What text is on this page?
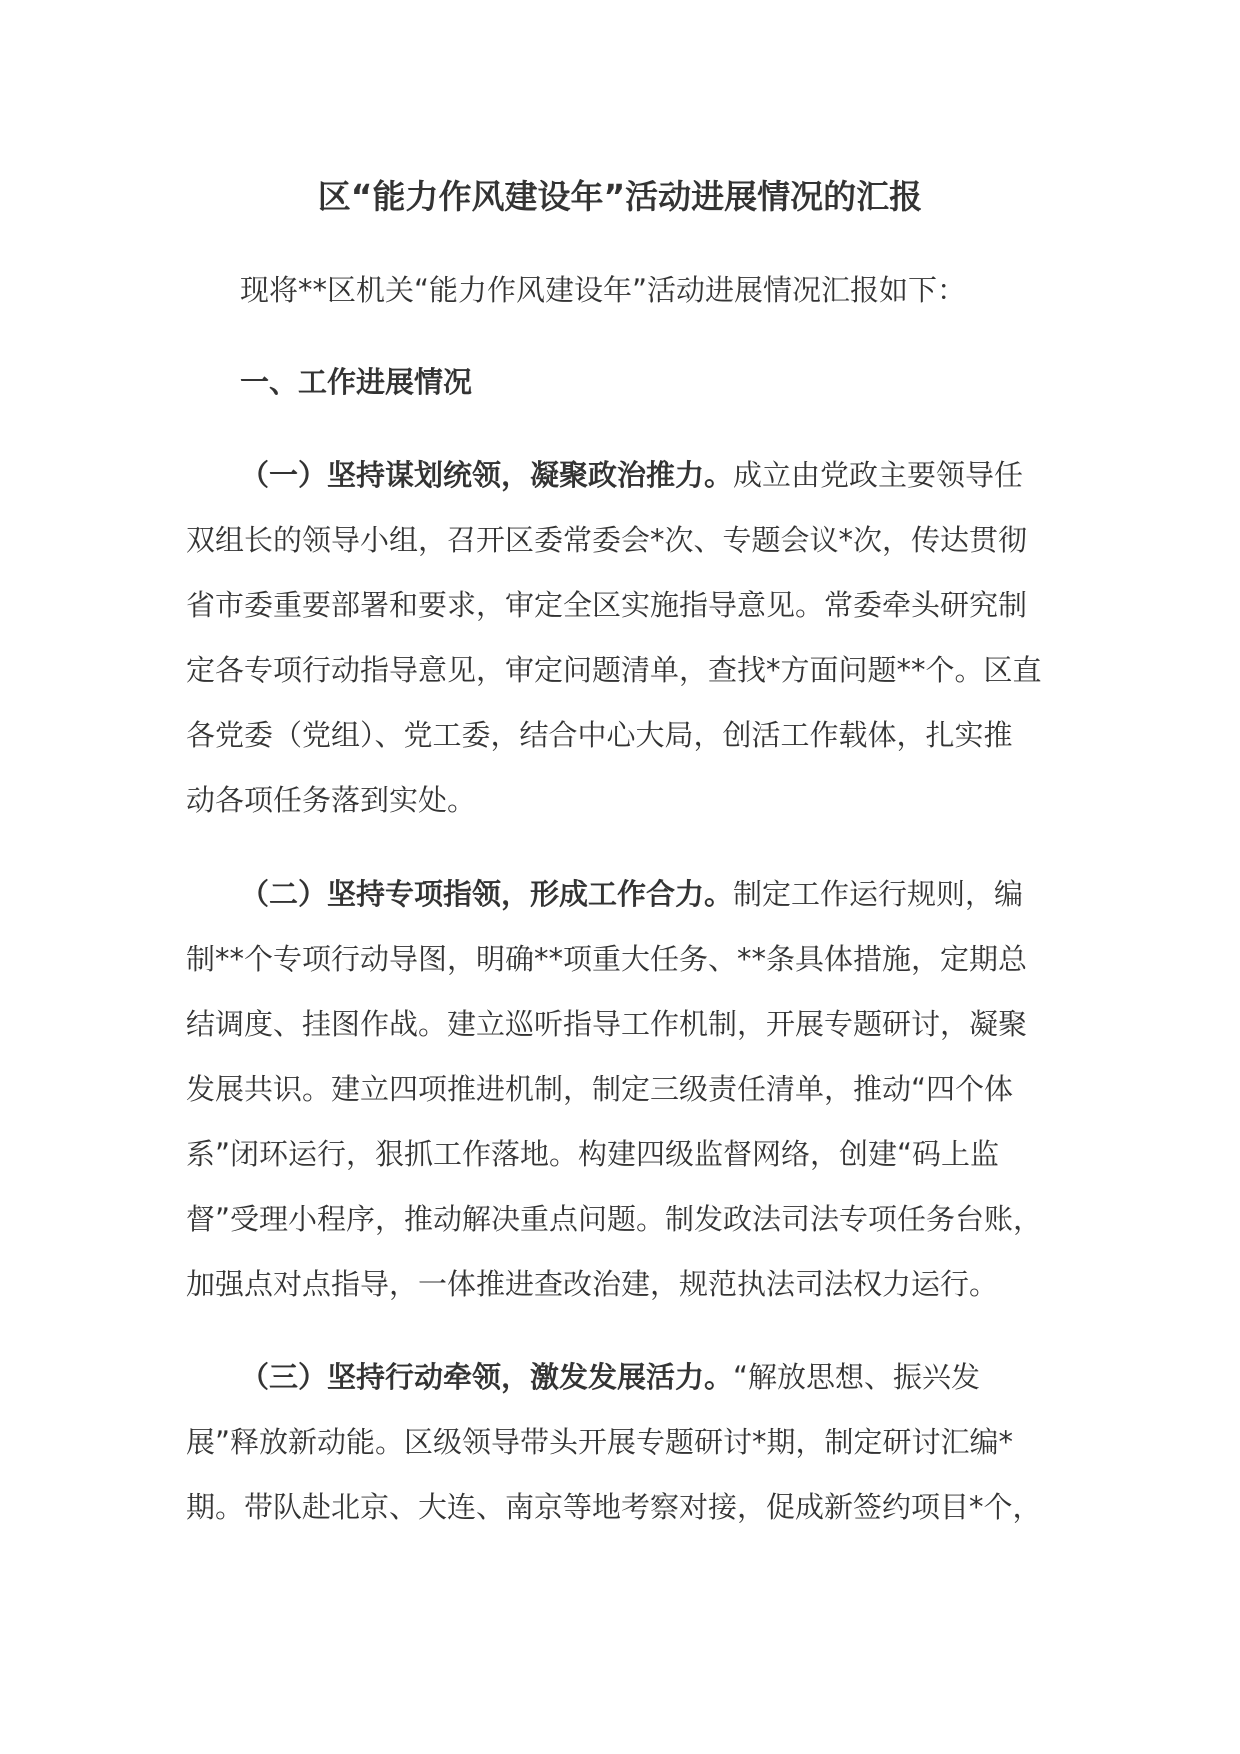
区“能力作风建设年”活动进展情况的汇报
现将**区机关“能力作风建设年”活动进展情况汇报如下：
一、工作进展情况
（一）坚持谋划统领，凝聚政治推力。成立由党政主要领导任
双组长的领导小组，召开区委常委会*次、专题会议*次，传达贯彻
省市委重要部署和要求，审定全区实施指导意见。常委牵头研究制
定各专项行动指导意见，审定问题清单，查找*方面问题**个。区直
各党委（党组）、党工委，结合中心大局，创活工作载体，扎实推
动各项任务落到实处。
（二）坚持专项指领，形成工作合力。制定工作运行规则，编
制**个专项行动导图，明确**项重大任务、**条具体措施，定期总
结调度、挂图作战。建立巡听指导工作机制，开展专题研讨，凝聚
发展共识。建立四项推进机制，制定三级责任清单，推动“四个体
系”闭环运行，狠抓工作落地。构建四级监督网络，创建“码上监
督”受理小程序，推动解决重点问题。制发政法司法专项任务台账，
加强点对点指导，一体推进查改治建，规范执法司法权力运行。
（三）坚持行动牵领，激发发展活力。“解放思想、振兴发
展”释放新动能。区级领导带头开展专题研讨*期，制定研讨汇编*
期。带队赴北京、大连、南京等地考察对接，促成新签约项目*个，
